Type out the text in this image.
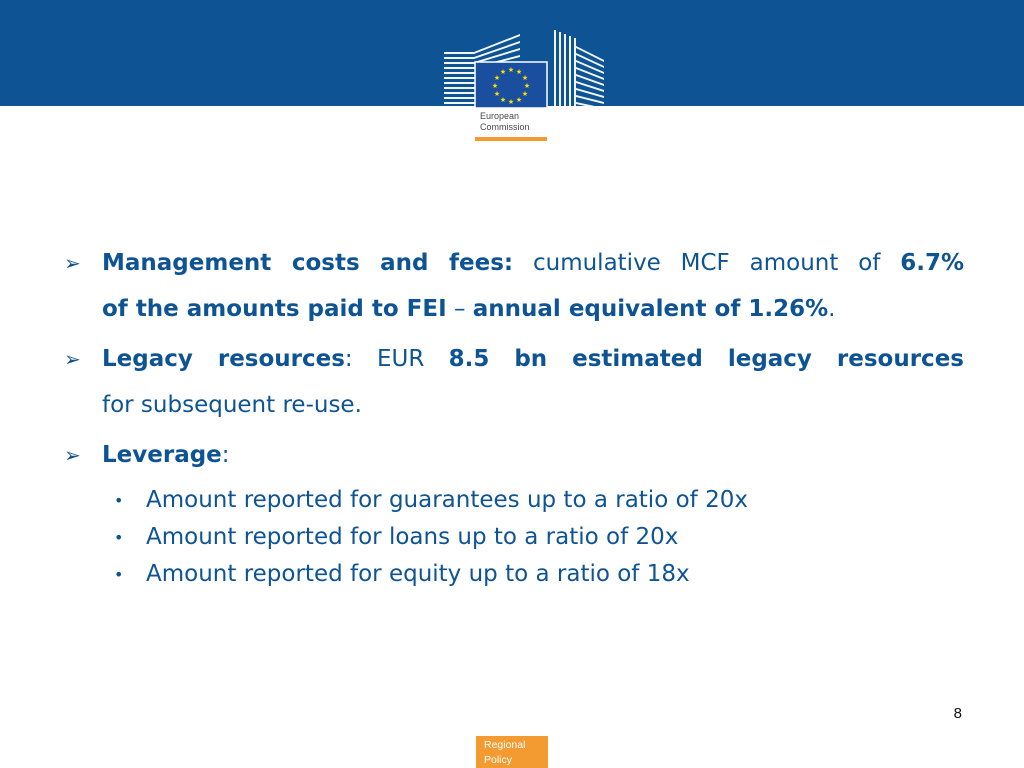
★ ★
★
★
★
★
★
★
★
★
★
★
European
Commission
➢ Management costs and fees: cumulative MCF amount of 6.7%
of the amounts paid to FEI – annual equivalent of 1.26%.
➢ Legacy resources: EUR 8.5 bn estimated legacy resources
for subsequent re-use.
➢ Leverage:
• Amount reported for guarantees up to a ratio of 20x
• Amount reported for loans up to a ratio of 20x
• Amount reported for equity up to a ratio of 18x
8
Regional
Policy
